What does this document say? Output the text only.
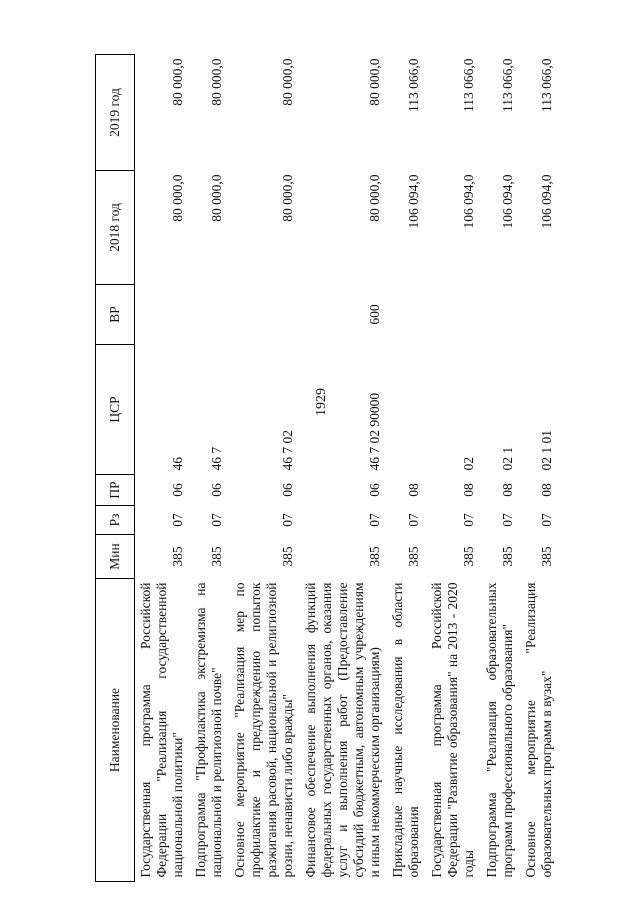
1929
Наименование	Мин	Рз	ПР	ЦСР	ВР	2018 год	2019 год
Государственная программа Российской Федерации "Реализация государственной национальной политики"	385	07	06	46		80 000,0	80 000,0
Подпрограмма "Профилактика экстремизма на национальной и религиозной почве"	385	07	06	46 7		80 000,0	80 000,0
Основное мероприятие "Реализация мер по профилактике и предупреждению попыток разжигания расовой, национальной и религиозной розни, ненависти либо вражды"	385	07	06	46 7 02		80 000,0	80 000,0
Финансовое обеспечение выполнения функций федеральных государственных органов, оказания услуг и выполнения работ (Предоставление субсидий бюджетным, автономным учреждениям и иным некоммерческим организациям)	385	07	06	46 7 02 90000	600	80 000,0	80 000,0
Прикладные научные исследования в области образования	385	07	08			106 094,0	113 066,0
Государственная программа Российской Федерации "Развитие образования" на 2013 - 2020 годы	385	07	08	02		106 094,0	113 066,0
Подпрограмма "Реализация образовательных программ профессионального образования"	385	07	08	02 1		106 094,0	113 066,0
Основное мероприятие "Реализация образовательных программ в вузах"	385	07	08	02 1 01		106 094,0	113 066,0
